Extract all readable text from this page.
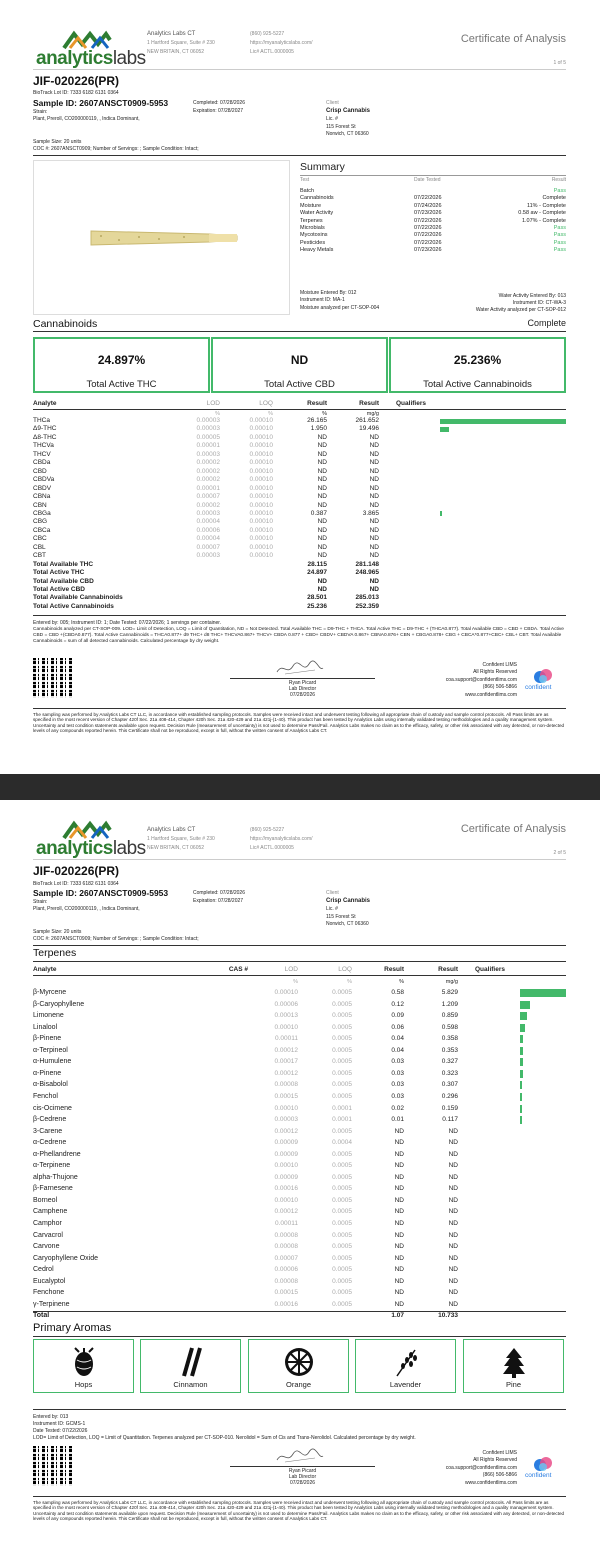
analyticslabs
Analytics Labs CT
1 Hartford Square, Suite # 230
NEW BRITAIN, CT 06052
(860) 925-5227
https://myanalyticslabs.com/
Lic# ACTL.0000005
Certificate of Analysis
1 of 5
JIF-020226(PR)
BioTrack Lot ID: 7333 6182 6131 0364
Sample ID: 2607ANSCT0909-5953	Completed: 07/28/2026
Expiration: 07/28/2027
Strain:
Plant, Preroll, CO200000119, , Indica Dominant,
Client
Crisp Cannabis
Lic. #
115 Forest St
Norwich, CT 06360
Sample Size: 20 units
COC #: 2607ANSCT0909; Number of Servings: ; Sample Condition: Intact;
Summary
Test	Date Tested	Result
Moisture Entered By: 012
Instrument ID: MA-1
Moisture analyzed per CT-SOP-004
Water Activity Entered By: 013
Instrument ID: CT-WA-3
Water Activity analyzed per CT-SOP-012
Cannabinoids	Complete
24.897%
Total Active THC
ND
Total Active CBD
25.236%
Total Active Cannabinoids
Entered by: 005; Instrument ID: 1; Date Tested: 07/22/2026; 1 servings per container.
Cannabinoids analyzed per CT-SOP-009. LOD= Limit of Detection, LOQ = Limit of Quantitation, ND = Not Detected. Total Available THC = D9-THC + THCA. Total Active THC = D9-THC + (THCA0.877). Total Available CBD = CBD + CBDA. Total Active CBD = CBD +(CBDA0.877). Total Active Cannabinoids = THCA0.877+ d9 THC+ d8 THC+ THCVA0.867+ THCV+ CBDA 0.877 + CBD+ CBDV+ CBDVA 0.867+ CBNA0.876+ CBN + CBGA0.878+ CBG + CBCA*0.877+CBC+ CBL+ CBT. Total Available Cannabinoids = sum of all detected cannabinoids. Calculated percentage by dry weight.
Ryan Picard
Lab Director
07/28/2026
Confident LIMS
All Rights Reserved
coa.support@confidentlims.com
(866) 506-5866
www.confidentlims.com
confident
The sampling was performed by Analytics Labs CT LLC, in accordance with established sampling protocols. Samples were received intact and underwent testing following all appropriate chain of custody and sample control protocols. All Pass limits are as specified in the most recent version of Chapter 420f Sec. 21a 408-414, Chapter 420h Sec. 21a 420-429 and 21a 421j-(1-40). This product has been tested by Analytics Labs using internally validated testing methodologies and a quality management system. Uncertainty and test condition statements available upon request. Decision Rule (measurement of uncertainty) is not used to determine Pass/Fail. Analytics Labs makes no claim as to the efficacy, safety, or other risk associated with any detected, or non-detected levels of any compounds reported herein. This Certificate shall not be reproduced, except in full, without the written consent of Analytics Labs CT.
Batch	Pass
Cannabinoids	07/22/2026	Complete
Moisture	07/24/2026	11% - Complete
Water Activity	07/23/2026	0.58 aw - Complete
Terpenes	07/22/2026	1.07% - Complete
Microbials	07/22/2026	Pass
Mycotoxins	07/22/2026	Pass
Pesticides	07/22/2026	Pass
Heavy Metals	07/23/2026	Pass
Analyte	LOD	LOQ	Result	Result	Qualifiers
%	%	%	mg/g
THCa	0.00003	0.00010	26.165	261.652
Δ9-THC	0.00003	0.00010	1.950	19.496
Δ8-THC	0.00005	0.00010	ND	ND
THCVa	0.00001	0.00010	ND	ND
THCV	0.00003	0.00010	ND	ND
CBDa	0.00002	0.00010	ND	ND
CBD	0.00002	0.00010	ND	ND
CBDVa	0.00002	0.00010	ND	ND
CBDV	0.00001	0.00010	ND	ND
CBNa	0.00007	0.00010	ND	ND
CBN	0.00002	0.00010	ND	ND
CBGa	0.00003	0.00010	0.387	3.865
CBG	0.00004	0.00010	ND	ND
CBCa	0.00006	0.00010	ND	ND
CBC	0.00004	0.00010	ND	ND
CBL	0.00007	0.00010	ND	ND
CBT	0.00003	0.00010	ND	ND
Total Available THC	28.115	281.148
Total Active THC	24.897	248.965
Total Available CBD	ND	ND
Total Active CBD	ND	ND
Total Available Cannabinoids	28.501	285.013
Total Active Cannabinoids	25.236	252.359
analyticslabs
Analytics Labs CT
1 Hartford Square, Suite # 230
NEW BRITAIN, CT 06052
(860) 925-5227
https://myanalyticslabs.com/
Lic# ACTL.0000005
Certificate of Analysis
2 of 5
JIF-020226(PR)
BioTrack Lot ID: 7333 6182 6131 0364
Sample ID: 2607ANSCT0909-5953	Completed: 07/28/2026
Expiration: 07/28/2027
Strain:
Plant, Preroll, CO200000119, , Indica Dominant,
Client
Crisp Cannabis
Lic. #
115 Forest St
Norwich, CT 06360
Sample Size: 20 units
COC #: 2607ANSCT0909; Number of Servings: ; Sample Condition: Intact;
Terpenes
Primary Aromas
Hops	Cinnamon	Orange	Lavender	Pine
Entered by: 013
Instrument ID: GCMS-1
Date Tested: 07/22/2026
LOD= Limit of Detection, LOQ = Limit of Quantitation. Terpenes analyzed per CT-SOP-010. Nerolidol = Sum of Cis and Trans-Nerolidol. Calculated percentage by dry weight.
Ryan Picard
Lab Director
07/28/2026
Confident LIMS
All Rights Reserved
coa.support@confidentlims.com
(866) 506-5866
www.confidentlims.com
confident
The sampling was performed by Analytics Labs CT LLC, in accordance with established sampling protocols. Samples were received intact and underwent testing following all appropriate chain of custody and sample control protocols. All Pass limits are as specified in the most recent version of Chapter 420f Sec. 21a 408-414, Chapter 420h Sec. 21a 420-429 and 21a 421j-(1-40). This product has been tested by Analytics Labs using internally validated testing methodologies and a quality management system. Uncertainty and test condition statements available upon request. Decision Rule (measurement of uncertainty) is not used to determine Pass/Fail. Analytics Labs makes no claim as to the efficacy, safety, or other risk associated with any detected, or non-detected levels of any compounds reported herein. This Certificate shall not be reproduced, except in full, without the written consent of Analytics Labs CT.
Analyte	CAS #	LOD	LOQ	Result	Result	Qualifiers
%	%	%	mg/g
β-Myrcene	0.00010	0.0005	0.58	5.829
β-Caryophyllene	0.00006	0.0005	0.12	1.209
Limonene	0.00013	0.0005	0.09	0.859
Linalool	0.00010	0.0005	0.06	0.598
β-Pinene	0.00011	0.0005	0.04	0.358
α-Terpineol	0.00012	0.0005	0.04	0.353
α-Humulene	0.00017	0.0005	0.03	0.327
α-Pinene	0.00012	0.0005	0.03	0.323
α-Bisabolol	0.00008	0.0005	0.03	0.307
Fenchol	0.00015	0.0005	0.03	0.296
cis-Ocimene	0.00010	0.0001	0.02	0.159
β-Cedrene	0.00003	0.0001	0.01	0.117
3-Carene	0.00012	0.0005	ND	ND
α-Cedrene	0.00009	0.0004	ND	ND
α-Phellandrene	0.00009	0.0005	ND	ND
α-Terpinene	0.00010	0.0005	ND	ND
alpha-Thujone	0.00009	0.0005	ND	ND
β-Farnesene	0.00016	0.0005	ND	ND
Borneol	0.00010	0.0005	ND	ND
Camphene	0.00012	0.0005	ND	ND
Camphor	0.00011	0.0005	ND	ND
Carvacrol	0.00008	0.0005	ND	ND
Carvone	0.00008	0.0005	ND	ND
Caryophyllene Oxide	0.00007	0.0005	ND	ND
Cedrol	0.00006	0.0005	ND	ND
Eucalyptol	0.00008	0.0005	ND	ND
Fenchone	0.00015	0.0005	ND	ND
γ-Terpinene	0.00016	0.0005	ND	ND
Total	1.07	10.733
